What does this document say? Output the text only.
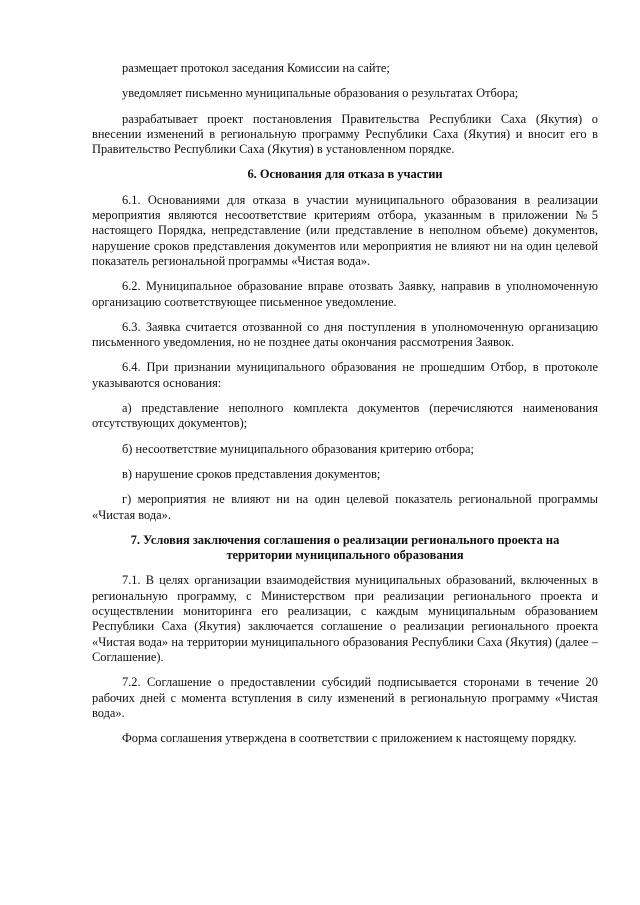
размещает протокол заседания Комиссии на сайте;

уведомляет письменно муниципальные образования о результатах Отбора;

разрабатывает проект постановления Правительства Республики Саха (Якутия) о внесении изменений в региональную программу Республики Саха (Якутия) и вносит его в Правительство Республики Саха (Якутия) в установленном порядке.

6. Основания для отказа в участии

6.1. Основаниями для отказа в участии муниципального образования в реализации мероприятия являются несоответствие критериям отбора, указанным в приложении №5 настоящего Порядка, непредставление (или представление в неполном объеме) документов, нарушение сроков представления документов или мероприятия не влияют ни на один целевой показатель региональной программы «Чистая вода».

6.2. Муниципальное образование вправе отозвать Заявку, направив в уполномоченную организацию соответствующее письменное уведомление.

6.3. Заявка считается отозванной со дня поступления в уполномоченную организацию письменного уведомления, но не позднее даты окончания рассмотрения Заявок.

6.4. При признании муниципального образования не прошедшим Отбор, в протоколе указываются основания:

а) представление неполного комплекта документов (перечисляются наименования отсутствующих документов);

б) несоответствие муниципального образования критерию отбора;

в) нарушение сроков представления документов;

г) мероприятия не влияют ни на один целевой показатель региональной программы «Чистая вода».

7. Условия заключения соглашения о реализации регионального проекта на
территории муниципального образования

7.1. В целях организации взаимодействия муниципальных образований, включенных в региональную программу, с Министерством при реализации регионального проекта и осуществлении мониторинга его реализации, с каждым муниципальным образованием Республики Саха (Якутия) заключается соглашение о реализации регионального проекта «Чистая вода» на территории муниципального образования Республики Саха (Якутия) (далее – Соглашение).

7.2. Соглашение о предоставлении субсидий подписывается сторонами в течение 20 рабочих дней с момента вступления в силу изменений в региональную программу «Чистая вода».

Форма соглашения утверждена в соответствии с приложением к настоящему порядку.
